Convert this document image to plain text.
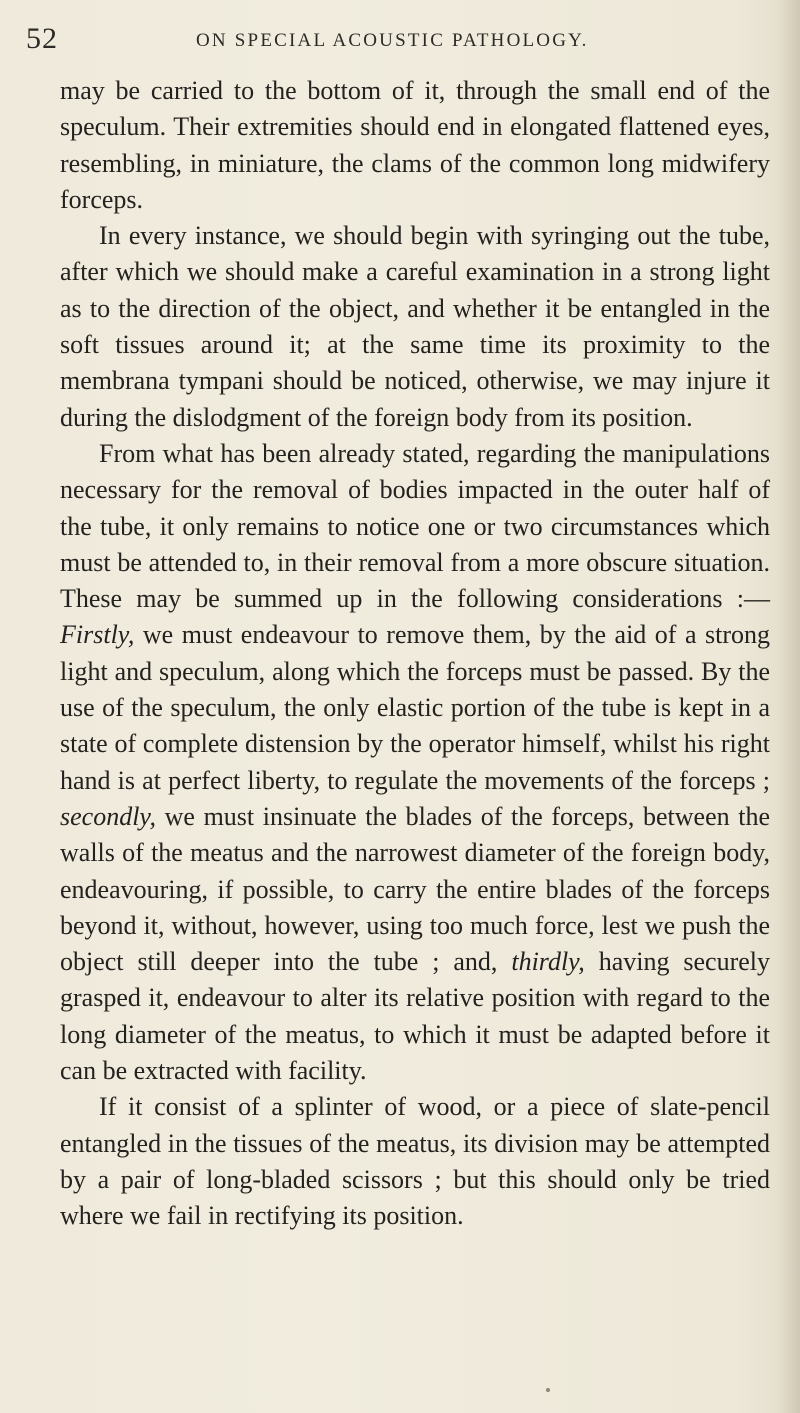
52	ON SPECIAL ACOUSTIC PATHOLOGY.

may be carried to the bottom of it, through the small end of the speculum. Their extremities should end in elongated flattened eyes, resembling, in miniature, the clams of the common long midwifery forceps.

In every instance, we should begin with syringing out the tube, after which we should make a careful examination in a strong light as to the direction of the object, and whether it be entangled in the soft tissues around it; at the same time its proximity to the membrana tympani should be noticed, otherwise, we may injure it during the dislodgment of the foreign body from its position.

From what has been already stated, regarding the manipulations necessary for the removal of bodies impacted in the outer half of the tube, it only remains to notice one or two circumstances which must be attended to, in their removal from a more obscure situation. These may be summed up in the following considerations :—Firstly, we must endeavour to remove them, by the aid of a strong light and speculum, along which the forceps must be passed. By the use of the speculum, the only elastic portion of the tube is kept in a state of complete distension by the operator himself, whilst his right hand is at perfect liberty, to regulate the movements of the forceps ; secondly, we must insinuate the blades of the forceps, between the walls of the meatus and the narrowest diameter of the foreign body, endeavouring, if possible, to carry the entire blades of the forceps beyond it, without, however, using too much force, lest we push the object still deeper into the tube ; and, thirdly, having securely grasped it, endeavour to alter its relative position with regard to the long diameter of the meatus, to which it must be adapted before it can be extracted with facility.

If it consist of a splinter of wood, or a piece of slate-pencil entangled in the tissues of the meatus, its division may be attempted by a pair of long-bladed scissors ; but this should only be tried where we fail in rectifying its position.
